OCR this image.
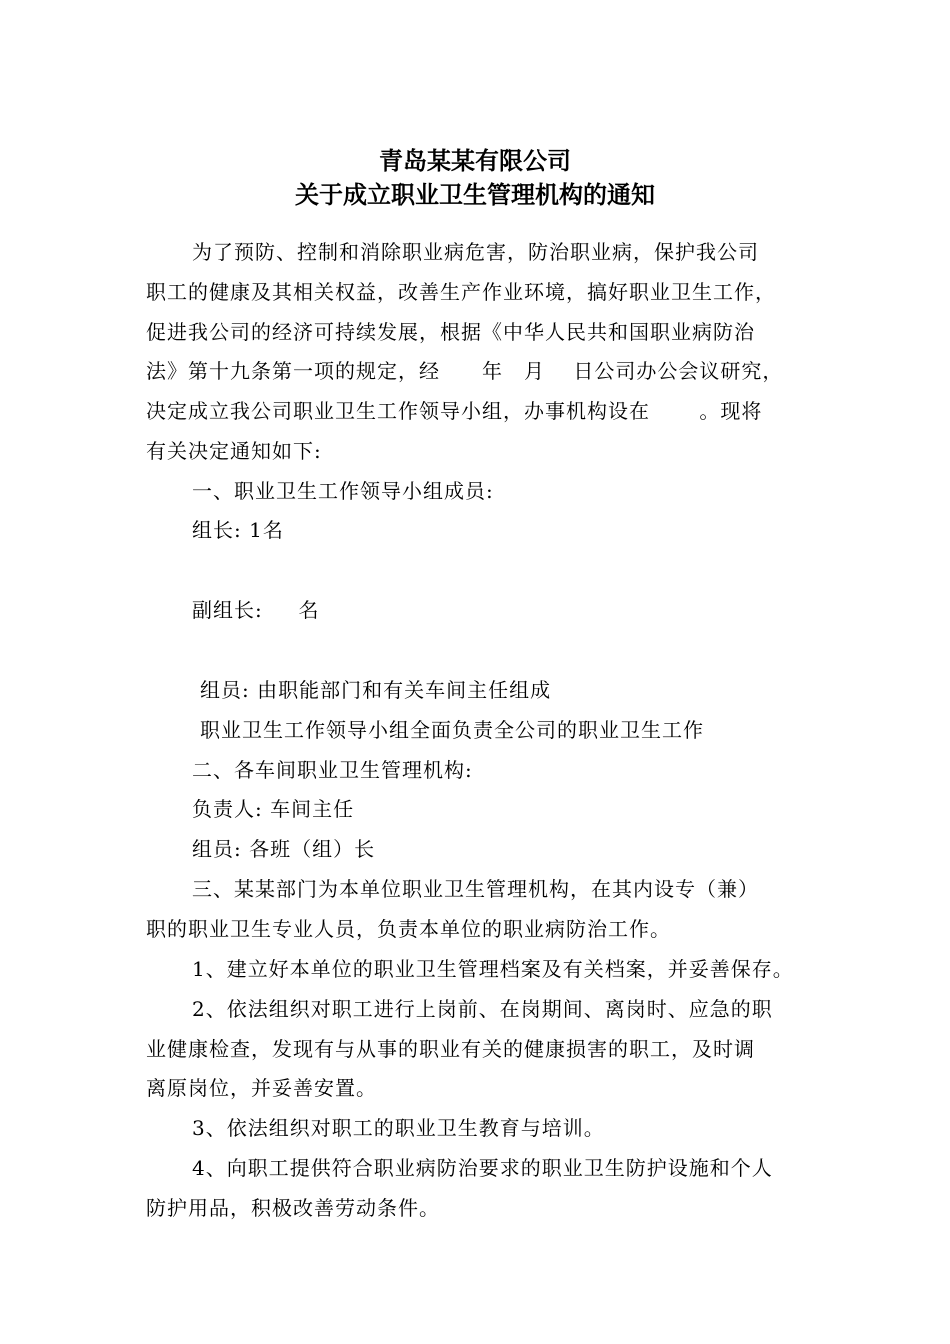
青岛某某有限公司
关于成立职业卫生管理机构的通知
为了预防、控制和消除职业病危害，防治职业病，保护我公司
职工的健康及其相关权益，改善生产作业环境，搞好职业卫生工作，
促进我公司的经济可持续发展，根据《中华人民共和国职业病防治
法》第十九条第一项的规定，经　　年　月　 日公司办公会议研究，
决定成立我公司职业卫生工作领导小组，办事机构设在　　 。现将
有关决定通知如下:
一、职业卫生工作领导小组成员:
组长: 1名
副组长: 　 名
组员: 由职能部门和有关车间主任组成
职业卫生工作领导小组全面负责全公司的职业卫生工作
二、各车间职业卫生管理机构:
负责人: 车间主任
组员: 各班（组）长
三、某某部门为本单位职业卫生管理机构，在其内设专（兼）
职的职业卫生专业人员，负责本单位的职业病防治工作。
1、建立好本单位的职业卫生管理档案及有关档案，并妥善保存。
2、依法组织对职工进行上岗前、在岗期间、离岗时、应急的职
业健康检查，发现有与从事的职业有关的健康损害的职工，及时调
离原岗位，并妥善安置。
3、依法组织对职工的职业卫生教育与培训。
4、向职工提供符合职业病防治要求的职业卫生防护设施和个人
防护用品，积极改善劳动条件。
